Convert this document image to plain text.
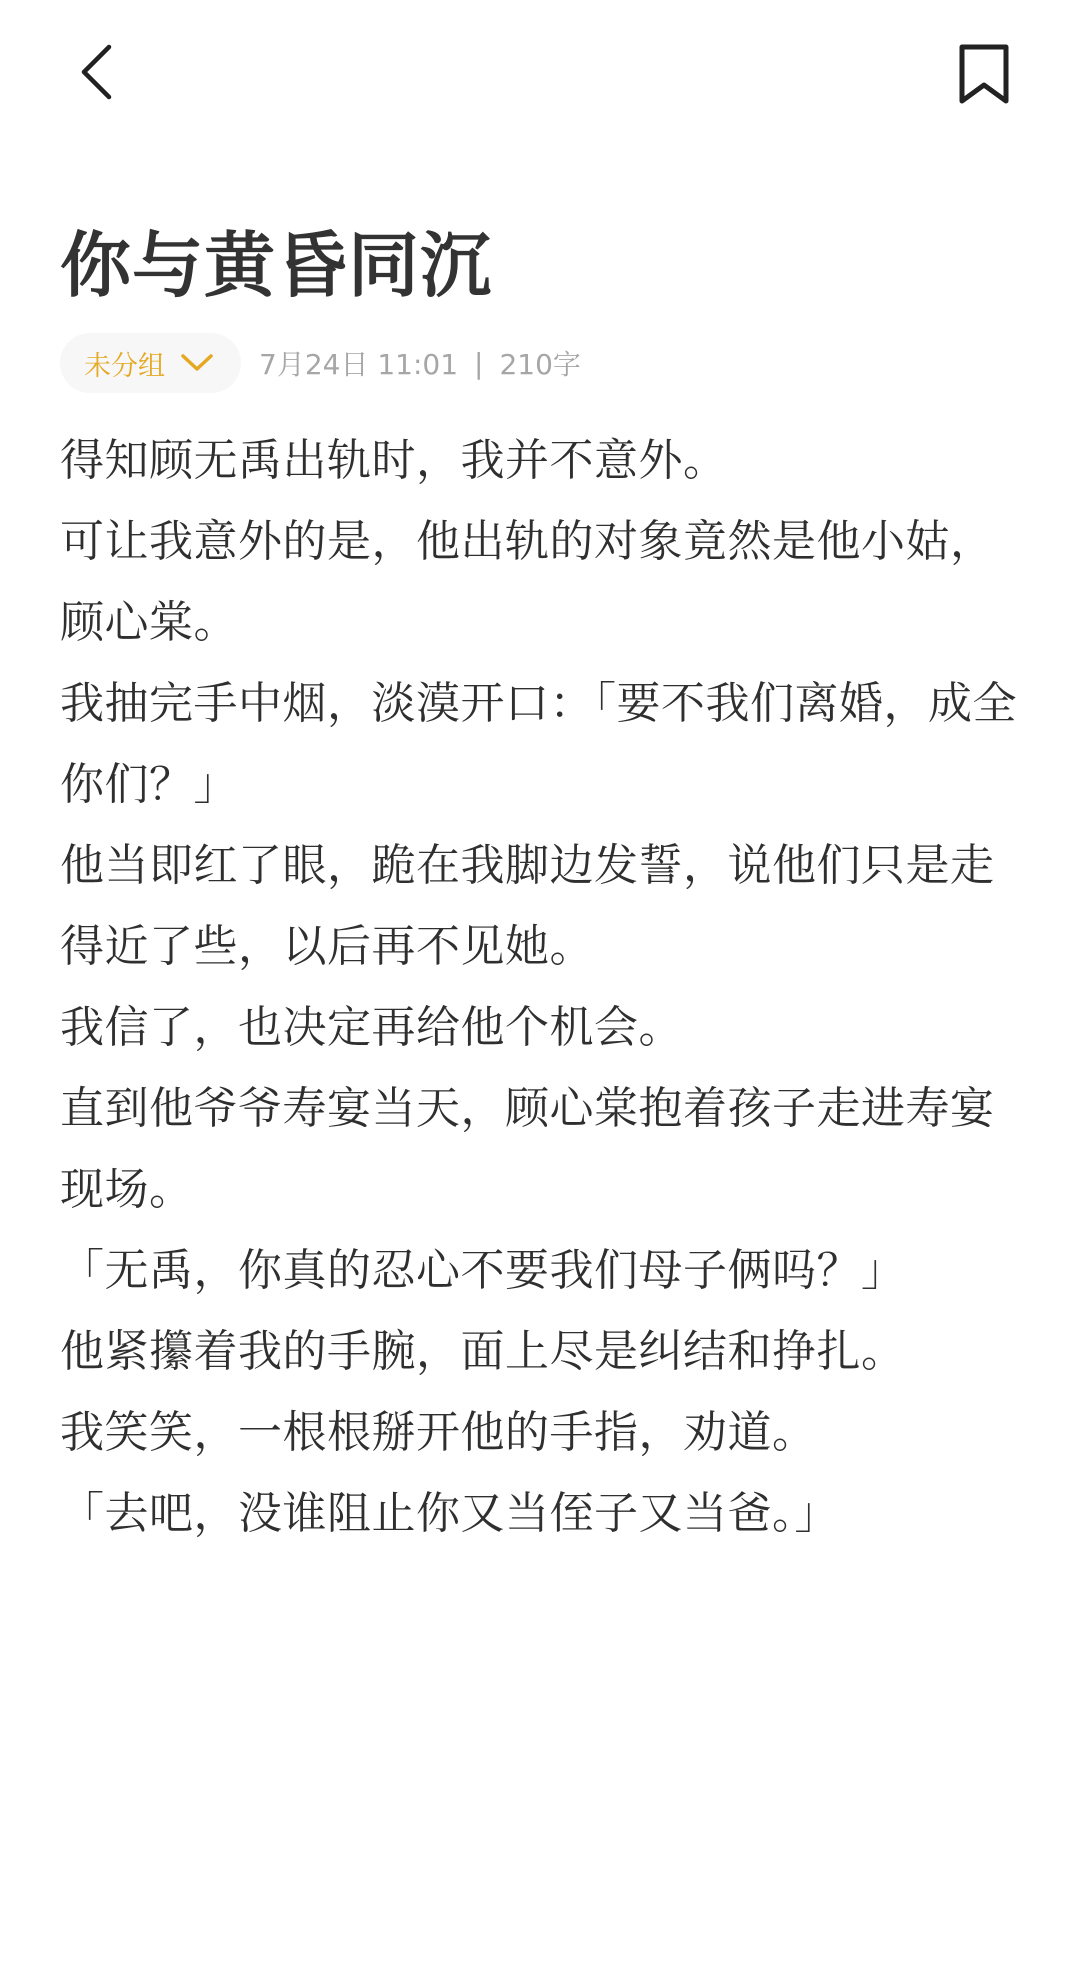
你与黄昏同沉
未分组	7月24日 11:01 | 210字

得知顾无禹出轨时，我并不意外。

可让我意外的是，他出轨的对象竟然是他小姑，顾心棠。

我抽完手中烟，淡漠开口：「要不我们离婚，成全你们？」

他当即红了眼，跪在我脚边发誓，说他们只是走得近了些，以后再不见她。

我信了，也决定再给他个机会。

直到他爷爷寿宴当天，顾心棠抱着孩子走进寿宴现场。

「无禹，你真的忍心不要我们母子俩吗？」

他紧攥着我的手腕，面上尽是纠结和挣扎。

我笑笑，一根根掰开他的手指，劝道。

「去吧，没谁阻止你又当侄子又当爸。」
